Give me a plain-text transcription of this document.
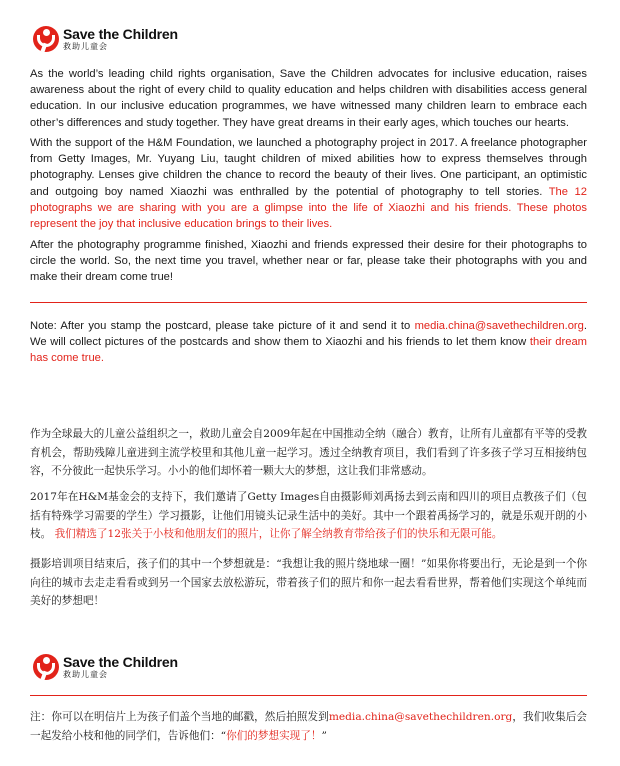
Save the Children
救助儿童会
As the world’s leading child rights organisation, Save the Children advocates for inclusive education, raises awareness about the right of every child to quality education and helps children with disabilities access general education. In our inclusive education programmes, we have witnessed many children learn to embrace each other’s differences and study together. They have great dreams in their early ages, which touches our hearts.
With the support of the H&M Foundation, we launched a photography project in 2017. A freelance photographer from Getty Images, Mr. Yuyang Liu, taught children of mixed abilities how to express themselves through photography. Lenses give children the chance to record the beauty of their lives. One participant, an optimistic and outgoing boy named Xiaozhi was enthralled by the potential of photography to tell stories. The 12 photographs we are sharing with you are a glimpse into the life of Xiaozhi and his friends. These photos represent the joy that inclusive education brings to their lives.
After the photography programme finished, Xiaozhi and friends expressed their desire for their photographs to circle the world. So, the next time you travel, whether near or far, please take their photographs with you and make their dream come true!
Note: After you stamp the postcard, please take picture of it and send it to media.china@savethechildren.org. We will collect pictures of the postcards and show them to Xiaozhi and his friends to let them know their dream has come true.
作为全球最大的儿童公益组织之一，救助儿童会自2009年起在中国推动全纳（融合）教育，让所有儿童都有平等的受教育机会，帮助残障儿童进到主流学校里和其他儿童一起学习。透过全纳教育项目，我们看到了许多孩子学习互相接纳包容，不分彼此一起快乐学习。小小的他们却怀着一颗大大的梦想，这让我们非常感动。
2017年在H&M基金会的支持下，我们邀请了Getty Images自由摄影师刘禹扬去到云南和四川的项目点教孩子们（包括有特殊学习需要的学生）学习摄影，让他们用镜头记录生活中的美好。其中一个跟着禹扬学习的，就是乐观开朗的小枝。 我们精选了12张关于小枝和他朋友们的照片，让你了解全纳教育带给孩子们的快乐和无限可能。
摄影培训项目结束后，孩子们的其中一个梦想就是：“我想让我的照片绕地球一圈！”如果你将要出行，无论是到一个你向往的城市去走走看看或到另一个国家去放松游玩，带着孩子们的照片和你一起去看看世界，帮着他们实现这个单纯而美好的梦想吧！
Save the Children
救助儿童会
注：你可以在明信片上为孩子们盖个当地的邮戳，然后拍照发到media.china@savethechildren.org，我们收集后会一起发给小枝和他的同学们，告诉他们：“你们的梦想实现了！”
